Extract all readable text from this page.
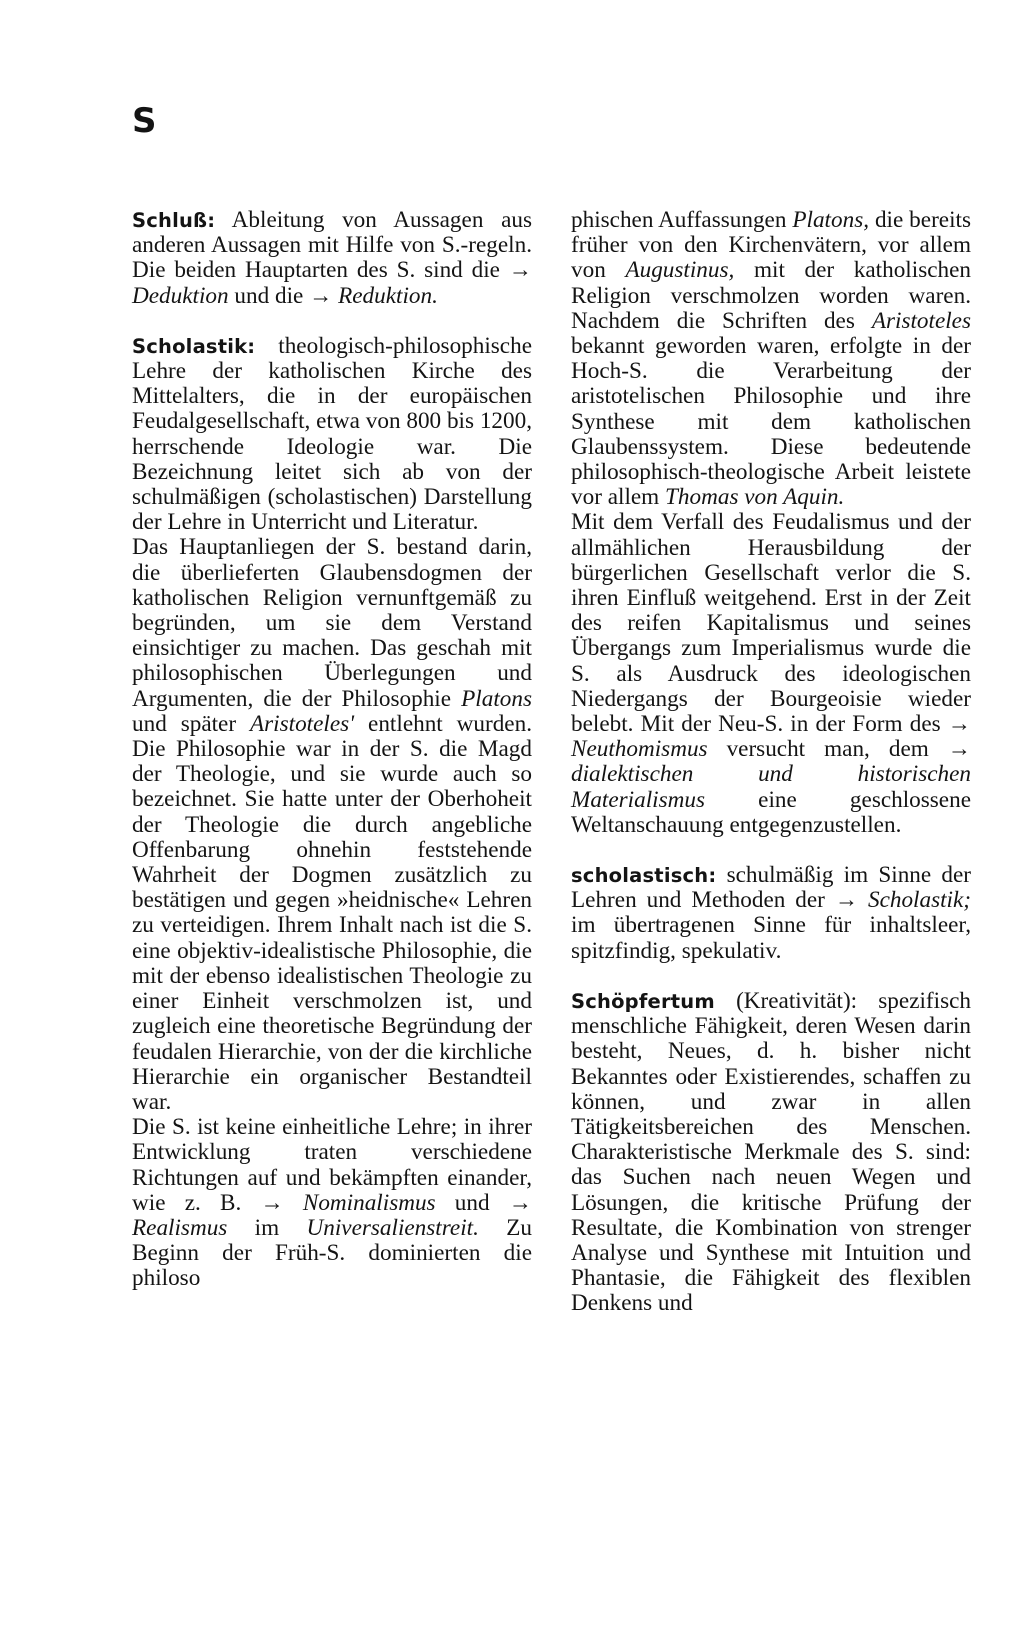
S

Schluß: Ableitung von Aussagen aus anderen Aussagen mit Hilfe von S.-regeln. Die beiden Hauptarten des S. sind die → Deduktion und die → Reduktion.

Scholastik: theologisch-philosophische Lehre der katholischen Kirche des Mittelalters, die in der europäischen Feudalgesellschaft, etwa von 800 bis 1200, herrschende Ideologie war. Die Bezeichnung leitet sich ab von der schulmäßigen (scholastischen) Darstellung der Lehre in Unterricht und Literatur.

Das Hauptanliegen der S. bestand darin, die überlieferten Glaubensdogmen der katholischen Religion vernunftgemäß zu begründen, um sie dem Verstand einsichtiger zu machen. Das geschah mit philosophischen Überlegungen und Argumenten, die der Philosophie Platons und später Aristoteles' entlehnt wurden. Die Philosophie war in der S. die Magd der Theologie, und sie wurde auch so bezeichnet. Sie hatte unter der Oberhoheit der Theologie die durch angebliche Offenbarung ohnehin feststehende Wahrheit der Dogmen zusätzlich zu bestätigen und gegen »heidnische« Lehren zu verteidigen. Ihrem Inhalt nach ist die S. eine objektiv-idealistische Philosophie, die mit der ebenso idealistischen Theologie zu einer Einheit verschmolzen ist, und zugleich eine theoretische Begründung der feudalen Hierarchie, von der die kirchliche Hierarchie ein organischer Bestandteil war.

Die S. ist keine einheitliche Lehre; in ihrer Entwicklung traten verschiedene Richtungen auf und bekämpften einander, wie z. B. → Nominalismus und → Realismus im Universalienstreit. Zu Beginn der Früh-S. dominierten die philoso

phischen Auffassungen Platons, die bereits früher von den Kirchenvätern, vor allem von Augustinus, mit der katholischen Religion verschmolzen worden waren. Nachdem die Schriften des Aristoteles bekannt geworden waren, erfolgte in der Hoch-S. die Verarbeitung der aristotelischen Philosophie und ihre Synthese mit dem katholischen Glaubenssystem. Diese bedeutende philosophisch-theologische Arbeit leistete vor allem Thomas von Aquin.

Mit dem Verfall des Feudalismus und der allmählichen Herausbildung der bürgerlichen Gesellschaft verlor die S. ihren Einfluß weitgehend. Erst in der Zeit des reifen Kapitalismus und seines Übergangs zum Imperialismus wurde die S. als Ausdruck des ideologischen Niedergangs der Bourgeoisie wieder belebt. Mit der Neu-S. in der Form des → Neuthomismus versucht man, dem → dialektischen und historischen Materialismus eine geschlossene Weltanschauung entgegenzustellen.

scholastisch: schulmäßig im Sinne der Lehren und Methoden der → Scholastik; im übertragenen Sinne für inhaltsleer, spitzfindig, spekulativ.

Schöpfertum (Kreativität): spezifisch menschliche Fähigkeit, deren Wesen darin besteht, Neues, d. h. bisher nicht Bekanntes oder Existierendes, schaffen zu können, und zwar in allen Tätigkeitsbereichen des Menschen. Charakteristische Merkmale des S. sind: das Suchen nach neuen Wegen und Lösungen, die kritische Prüfung der Resultate, die Kombination von strenger Analyse und Synthese mit Intuition und Phantasie, die Fähigkeit des flexiblen Denkens und
